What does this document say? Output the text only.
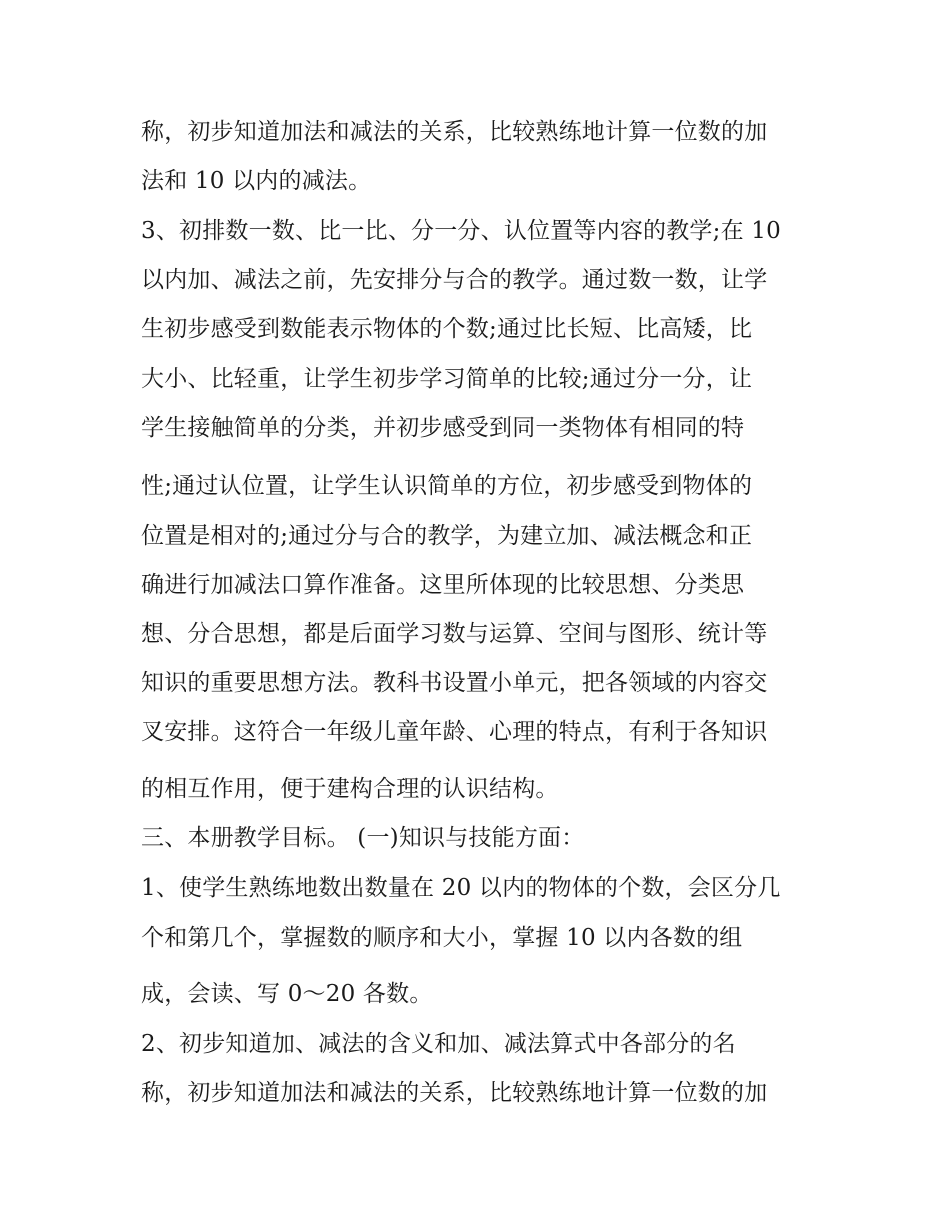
称，初步知道加法和减法的关系，比较熟练地计算一位数的加
法和 10 以内的减法。
3、初排数一数、比一比、分一分、认位置等内容的教学;在 10
以内加、减法之前，先安排分与合的教学。通过数一数，让学
生初步感受到数能表示物体的个数;通过比长短、比高矮，比
大小、比轻重，让学生初步学习简单的比较;通过分一分，让
学生接触简单的分类，并初步感受到同一类物体有相同的特
性;通过认位置，让学生认识简单的方位，初步感受到物体的
位置是相对的;通过分与合的教学，为建立加、减法概念和正
确进行加减法口算作准备。这里所体现的比较思想、分类思
想、分合思想，都是后面学习数与运算、空间与图形、统计等
知识的重要思想方法。教科书设置小单元，把各领域的内容交
叉安排。这符合一年级儿童年龄、心理的特点，有利于各知识
的相互作用，便于建构合理的认识结构。
三、本册教学目标。 (一)知识与技能方面：
1、使学生熟练地数出数量在 20 以内的物体的个数，会区分几
个和第几个，掌握数的顺序和大小，掌握 10 以内各数的组
成，会读、写 0～20 各数。
2、初步知道加、减法的含义和加、减法算式中各部分的名
称，初步知道加法和减法的关系，比较熟练地计算一位数的加
